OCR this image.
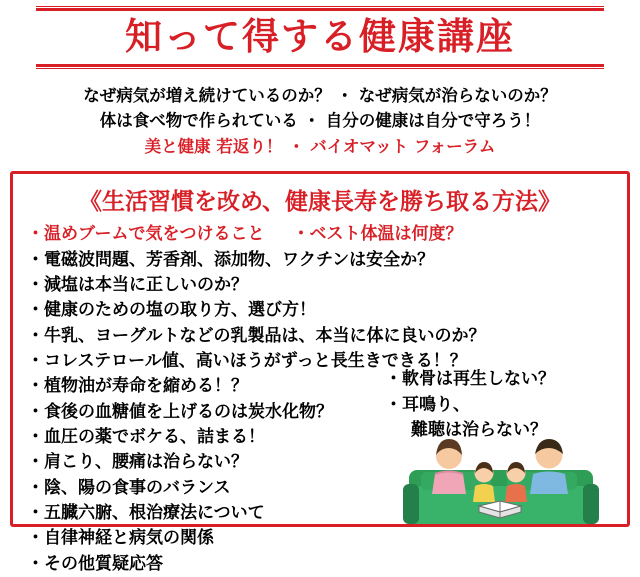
知って得する健康講座
なぜ病気が増え続けているのか？ ・ なぜ病気が治らないのか？
体は食べ物で作られている ・ 自分の健康は自分で守ろう！
美と健康 若返り！ ・ バイオマット フォーラム
《生活習慣を改め、健康長寿を勝ち取る方法》
・温めブームで気をつけること ・ベスト体温は何度？
・電磁波問題、芳香剤、添加物、ワクチンは安全か？
・減塩は本当に正しいのか？
・健康のための塩の取り方、選び方！
・牛乳、ヨーグルトなどの乳製品は、本当に体に良いのか？
・コレステロール値、高いほうがずっと長生きできる！？
・植物油が寿命を縮める！？
・食後の血糖値を上げるのは炭水化物？
・血圧の薬でボケる、詰まる！
・肩こり、腰痛は治らない？
・陰、陽の食事のバランス
・五臓六腑、根治療法について
・自律神経と病気の関係
・その他質疑応答
・軟骨は再生しない？
・耳鳴り、
難聴は治らない？
